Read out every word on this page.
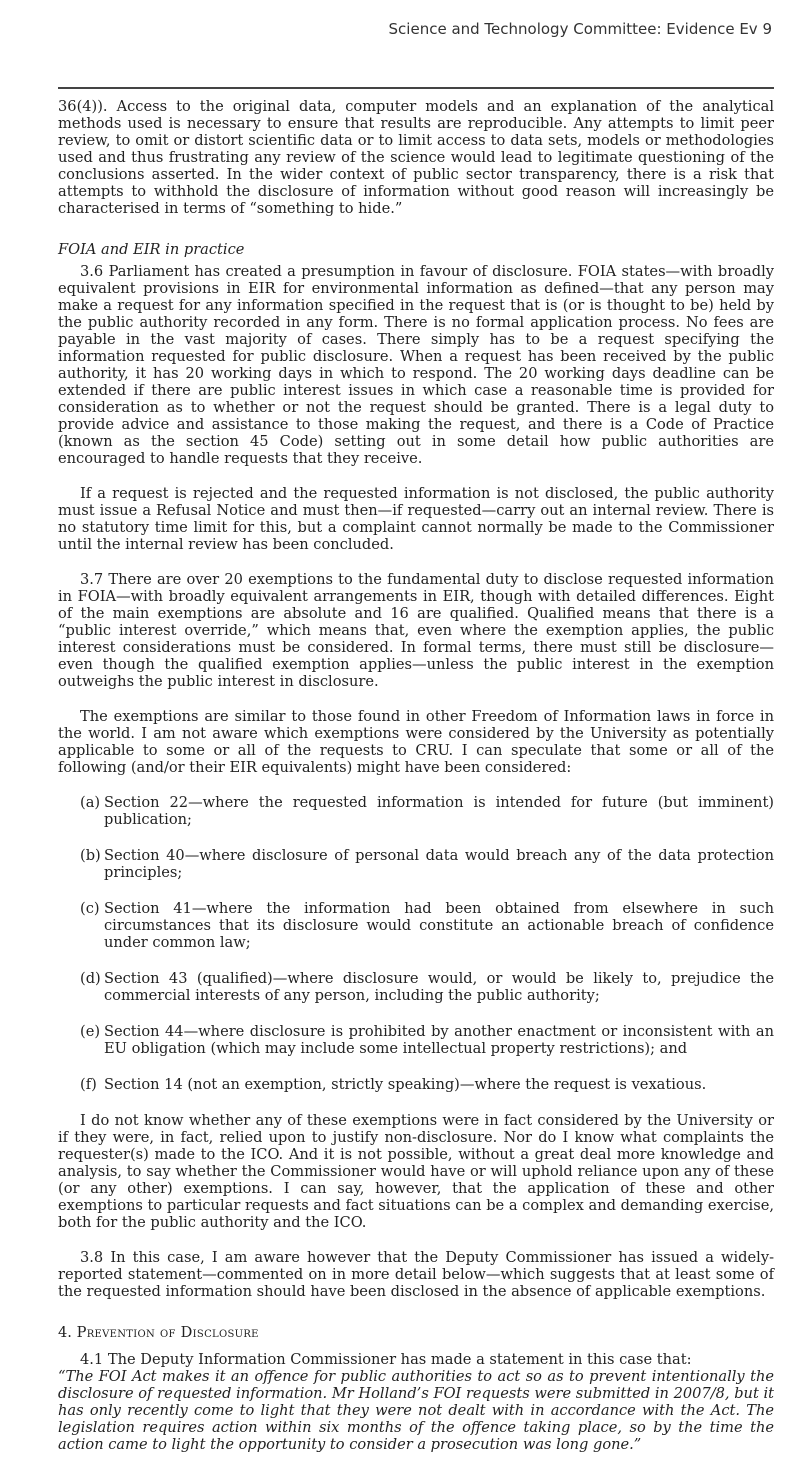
Science and Technology Committee: Evidence Ev 9

36(4)). Access to the original data, computer models and an explanation of the analytical methods used is necessary to ensure that results are reproducible. Any attempts to limit peer review, to omit or distort scientific data or to limit access to data sets, models or methodologies used and thus frustrating any review of the science would lead to legitimate questioning of the conclusions asserted. In the wider context of public sector transparency, there is a risk that attempts to withhold the disclosure of information without good reason will increasingly be characterised in terms of “something to hide.”

FOIA and EIR in practice

3.6 Parliament has created a presumption in favour of disclosure. FOIA states—with broadly equivalent provisions in EIR for environmental information as defined—that any person may make a request for any information specified in the request that is (or is thought to be) held by the public authority recorded in any form. There is no formal application process. No fees are payable in the vast majority of cases. There simply has to be a request specifying the information requested for public disclosure. When a request has been received by the public authority, it has 20 working days in which to respond. The 20 working days deadline can be extended if there are public interest issues in which case a reasonable time is provided for consideration as to whether or not the request should be granted. There is a legal duty to provide advice and assistance to those making the request, and there is a Code of Practice (known as the section 45 Code) setting out in some detail how public authorities are encouraged to handle requests that they receive.

If a request is rejected and the requested information is not disclosed, the public authority must issue a Refusal Notice and must then—if requested—carry out an internal review. There is no statutory time limit for this, but a complaint cannot normally be made to the Commissioner until the internal review has been concluded.

3.7 There are over 20 exemptions to the fundamental duty to disclose requested information in FOIA—with broadly equivalent arrangements in EIR, though with detailed differences. Eight of the main exemptions are absolute and 16 are qualified. Qualified means that there is a “public interest override,” which means that, even where the exemption applies, the public interest considerations must be considered. In formal terms, there must still be disclosure—even though the qualified exemption applies—unless the public interest in the exemption outweighs the public interest in disclosure.

The exemptions are similar to those found in other Freedom of Information laws in force in the world. I am not aware which exemptions were considered by the University as potentially applicable to some or all of the requests to CRU. I can speculate that some or all of the following (and/or their EIR equivalents) might have been considered:

(a) Section 22—where the requested information is intended for future (but imminent) publication;
(b) Section 40—where disclosure of personal data would breach any of the data protection principles;
(c) Section 41—where the information had been obtained from elsewhere in such circumstances that its disclosure would constitute an actionable breach of confidence under common law;
(d) Section 43 (qualified)—where disclosure would, or would be likely to, prejudice the commercial interests of any person, including the public authority;
(e) Section 44—where disclosure is prohibited by another enactment or inconsistent with an EU obligation (which may include some intellectual property restrictions); and
(f) Section 14 (not an exemption, strictly speaking)—where the request is vexatious.

I do not know whether any of these exemptions were in fact considered by the University or if they were, in fact, relied upon to justify non-disclosure. Nor do I know what complaints the requester(s) made to the ICO. And it is not possible, without a great deal more knowledge and analysis, to say whether the Commissioner would have or will uphold reliance upon any of these (or any other) exemptions. I can say, however, that the application of these and other exemptions to particular requests and fact situations can be a complex and demanding exercise, both for the public authority and the ICO.

3.8 In this case, I am aware however that the Deputy Commissioner has issued a widely-reported statement—commented on in more detail below—which suggests that at least some of the requested information should have been disclosed in the absence of applicable exemptions.

4. Prevention of Disclosure

4.1 The Deputy Information Commissioner has made a statement in this case that:

“The FOI Act makes it an offence for public authorities to act so as to prevent intentionally the disclosure of requested information. Mr Holland’s FOI requests were submitted in 2007/8, but it has only recently come to light that they were not dealt with in accordance with the Act. The legislation requires action within six months of the offence taking place, so by the time the action came to light the opportunity to consider a prosecution was long gone.”
